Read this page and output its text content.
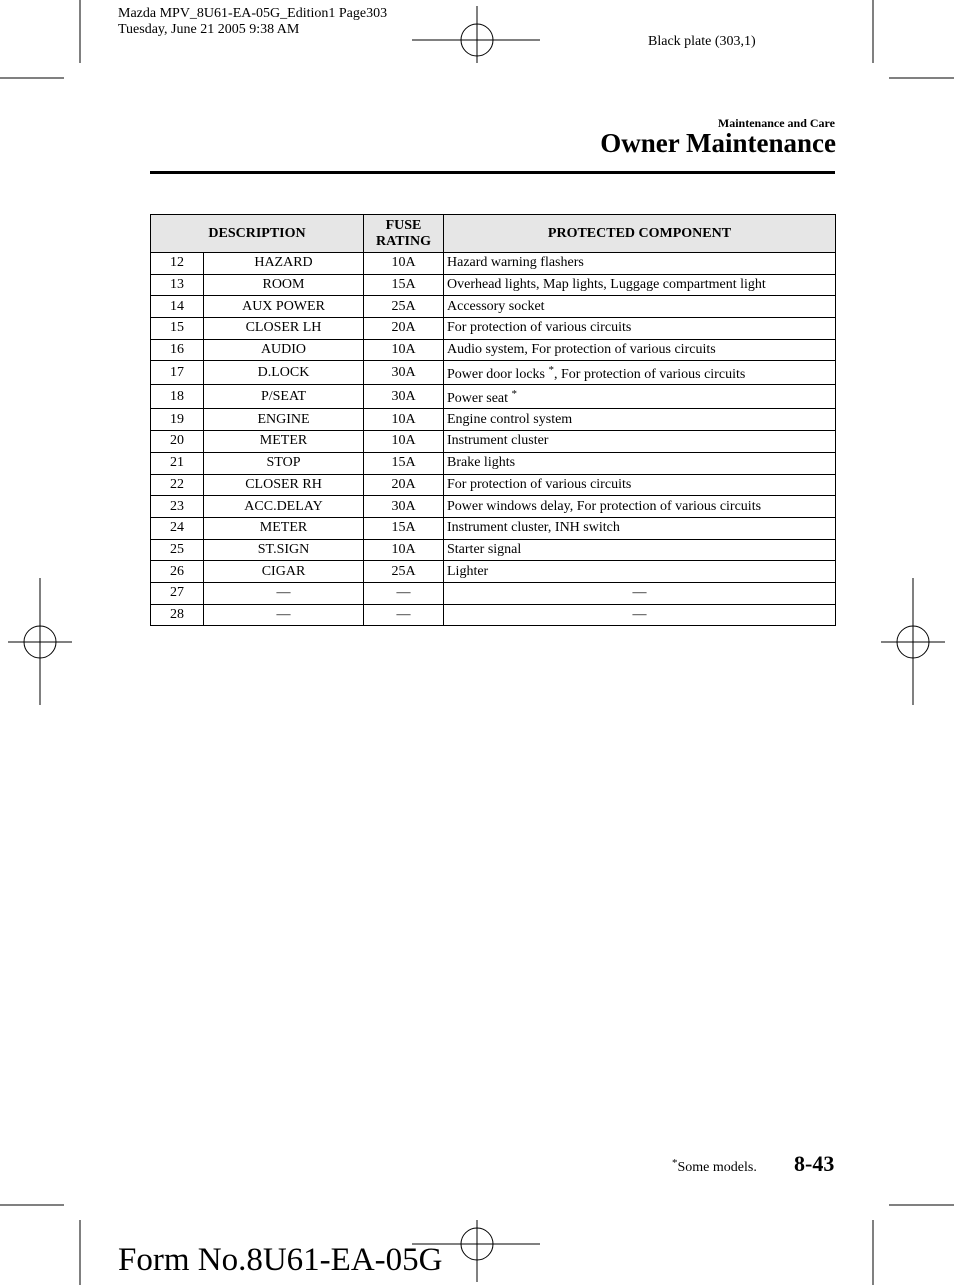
Mazda MPV_8U61-EA-05G_Edition1 Page303
Tuesday, June 21 2005 9:38 AM
Black plate (303,1)
Maintenance and Care
Owner Maintenance
DESCRIPTION		FUSE
RATING	PROTECTED COMPONENT
12	HAZARD	10A	Hazard warning flashers
13	ROOM	15A	Overhead lights, Map lights, Luggage compartment light
14	AUX POWER	25A	Accessory socket
15	CLOSER LH	20A	For protection of various circuits
16	AUDIO	10A	Audio system, For protection of various circuits
17	D.LOCK	30A	Power door locks *, For protection of various circuits
18	P/SEAT	30A	Power seat *
19	ENGINE	10A	Engine control system
20	METER	10A	Instrument cluster
21	STOP	15A	Brake lights
22	CLOSER RH	20A	For protection of various circuits
23	ACC.DELAY	30A	Power windows delay, For protection of various circuits
24	METER	15A	Instrument cluster, INH switch
25	ST.SIGN	10A	Starter signal
26	CIGAR	25A	Lighter
27	—	—	—
28	—	—	—
*Some models. 8-43
Form No.8U61-EA-05G
